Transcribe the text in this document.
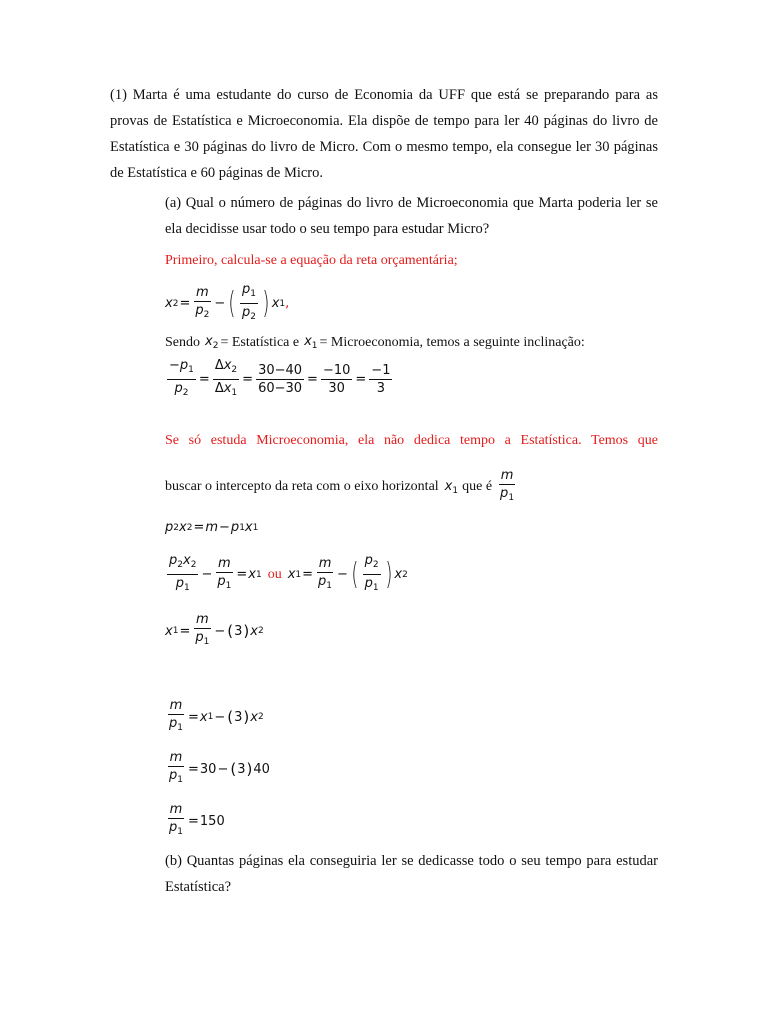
(1) Marta é uma estudante do curso de Economia da UFF que está se preparando para as provas de Estatística e Microeconomia. Ela dispõe de tempo para ler 40 páginas do livro de Estatística e 30 páginas do livro de Micro. Com o mesmo tempo, ela consegue ler 30 páginas de Estatística e 60 páginas de Micro.

(a) Qual o número de páginas do livro de Microeconomia que Marta poderia ler se ela decidisse usar todo o seu tempo para estudar Micro?

Primeiro, calcula-se a equação da reta orçamentária;

x $2 = \frac{m}{p_2}$ − ( $\frac{p_1}{p_2}$ ) x 1 ,
Sendo $x_2$ = Estatística e $x_1$ = Microeconomia, temos a seguinte inclinação:
$\frac{-p_1}{p_2} = \frac{\Delta x_2}{\Delta x_1} = \frac{30-40}{60-30} = \frac{-10}{30} = \frac{-1}{3}$

Se só estuda Microeconomia, ela não dedica tempo a Estatística. Temos que

buscar o intercepto da reta com o eixo horizontal $x_1$ que é $\frac{m}{p_1}$
p 2 x 2 = m − p 1 x 1
$\frac{p_2x_2}{p_1} - \frac{m}{p_1} = x$ 1 ou x $1 = \frac{m}{p_1}$ − ( $\frac{p_2}{p_1}$ ) x 2
x $1 = \frac{m}{p_1}$ − ( 3 ) x 2
$\frac{m}{p_1} = x$ 1 − ( 3 ) x 2
$\frac{m}{p_1} = 30$ − ( 3 ) 40
$\frac{m}{p_1} = 150$

(b) Quantas páginas ela conseguiria ler se dedicasse todo o seu tempo para estudar Estatística?
